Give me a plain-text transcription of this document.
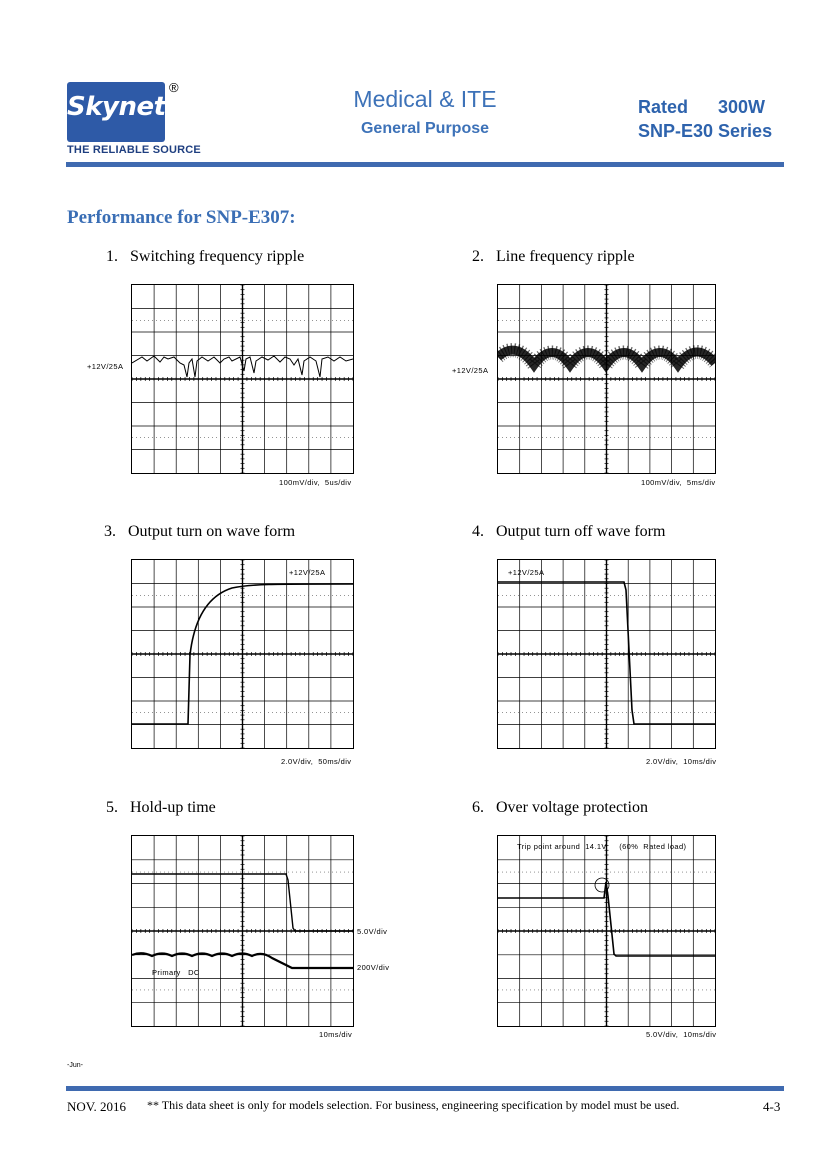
Skynet
®
THE RELIABLE SOURCE
Medical & ITE
General Purpose
Rated      300W
SNP-E30 Series
Performance for SNP-E307:
1.   Switching frequency ripple
+12V/25A
100mV/div,  5us/div
2.   Line frequency ripple
+12V/25A
100mV/div,  5ms/div
3.   Output turn on wave form
+12V/25A
2.0V/div,  50ms/div
4.   Output turn off wave form
+12V/25A
2.0V/div,  10ms/div
5.   Hold-up time
5.0V/div
200V/div
Primary   DC
10ms/div
6.   Over voltage protection
Trip point around  14.1V     (60%  Rated load)
5.0V/div,  10ms/div
-Jun-
NOV. 2016 ** This data sheet is only for models selection. For business, engineering specification by model must be used.	4-3
